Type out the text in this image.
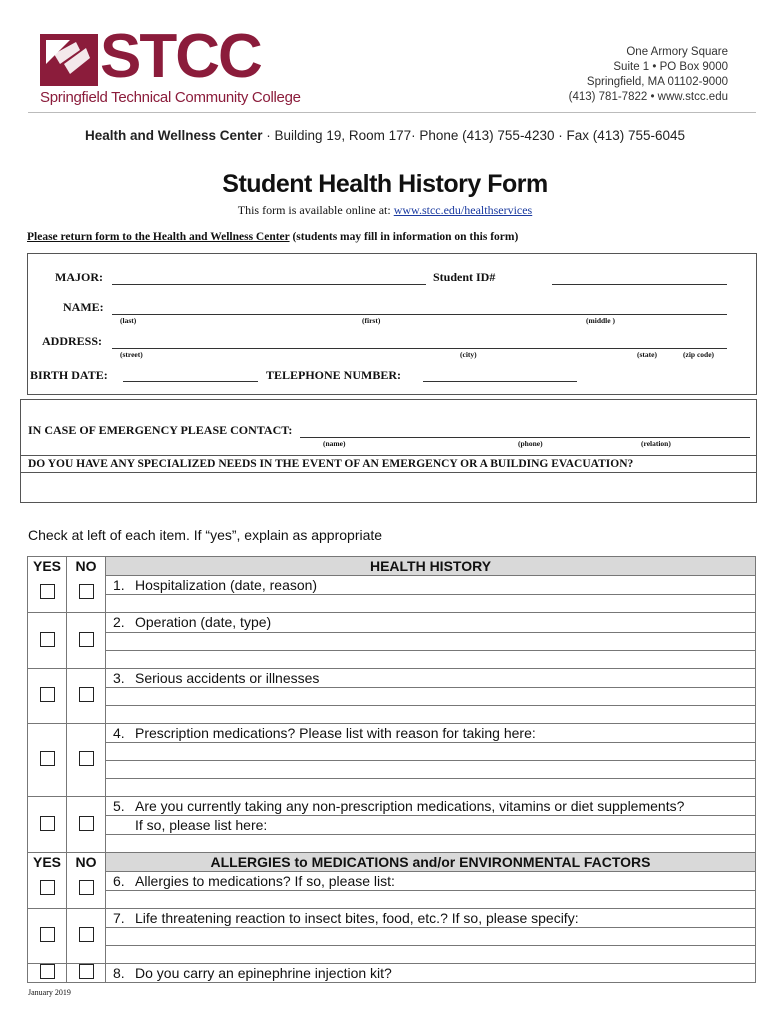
STCC
Springfield Technical Community College
One Armory Square
Suite 1 • PO Box 9000
Springfield, MA 01102-9000
(413) 781-7822 • www.stcc.edu
Health and Wellness Center · Building 19, Room 177· Phone (413) 755-4230 · Fax (413) 755-6045
Student Health History Form
This form is available online at: www.stcc.edu/healthservices
Please return form to the Health and Wellness Center (students may fill in information on this form)
MAJOR:	Student ID#
NAME:
(last)	(first)	(middle )
ADDRESS:
(street)	(city)	(state)	(zip code)
BIRTH DATE:	TELEPHONE NUMBER:
IN CASE OF EMERGENCY PLEASE CONTACT:
(name)	(phone)	(relation)
DO YOU HAVE ANY SPECIALIZED NEEDS IN THE EVENT OF AN EMERGENCY OR A BUILDING EVACUATION?
Check at left of each item. If “yes”, explain as appropriate
YES	NO	HEALTH HISTORY
		1. Hospitalization (date, reason)

		2. Operation (date, type)

		3. Serious accidents or illnesses

		4. Prescription medications? Please list with reason for taking here:

		5. Are you currently taking any non-prescription medications, vitamins or diet supplements?
		If so, please list here:

YES	NO	ALLERGIES to MEDICATIONS and/or ENVIRONMENTAL FACTORS
		6. Allergies to medications? If so, please list:

		7. Life threatening reaction to insect bites, food, etc.? If so, please specify:

		8. Do you carry an epinephrine injection kit?
January 2019
